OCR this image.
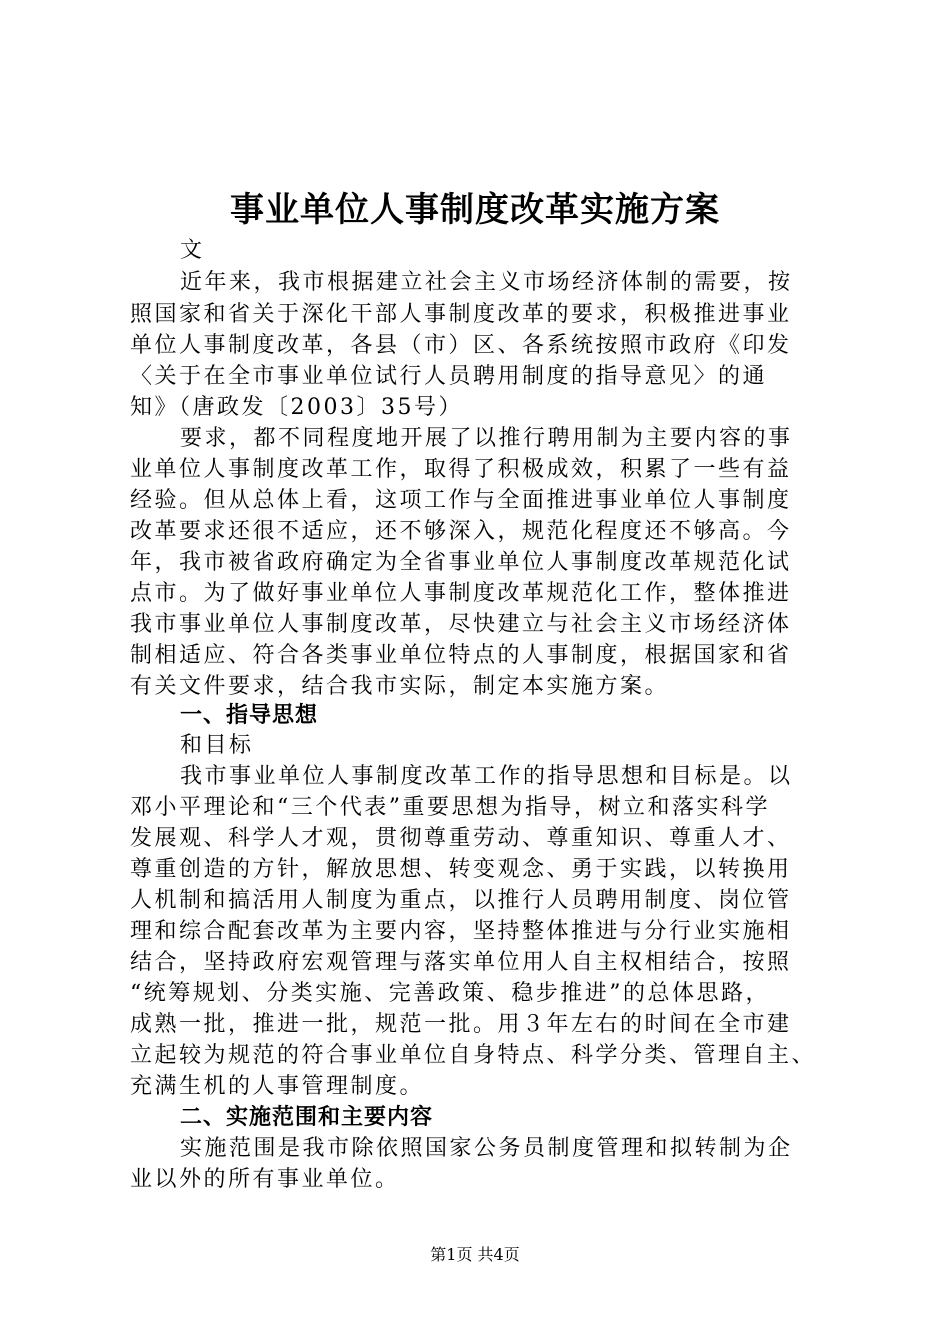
事业单位人事制度改革实施方案
文
近年来，我市根据建立社会主义市场经济体制的需要，按
照国家和省关于深化干部人事制度改革的要求，积极推进事业
单位人事制度改革，各县（市）区、各系统按照市政府《印发
〈关于在全市事业单位试行人员聘用制度的指导意见〉的通
知》（唐政发〔2003〕35号）
要求，都不同程度地开展了以推行聘用制为主要内容的事
业单位人事制度改革工作，取得了积极成效，积累了一些有益
经验。但从总体上看，这项工作与全面推进事业单位人事制度
改革要求还很不适应，还不够深入，规范化程度还不够高。今
年，我市被省政府确定为全省事业单位人事制度改革规范化试
点市。为了做好事业单位人事制度改革规范化工作，整体推进
我市事业单位人事制度改革，尽快建立与社会主义市场经济体
制相适应、符合各类事业单位特点的人事制度，根据国家和省
有关文件要求，结合我市实际，制定本实施方案。
一、指导思想
和目标
我市事业单位人事制度改革工作的指导思想和目标是。以
邓小平理论和“三个代表”重要思想为指导，树立和落实科学
发展观、科学人才观，贯彻尊重劳动、尊重知识、尊重人才、
尊重创造的方针，解放思想、转变观念、勇于实践，以转换用
人机制和搞活用人制度为重点，以推行人员聘用制度、岗位管
理和综合配套改革为主要内容，坚持整体推进与分行业实施相
结合，坚持政府宏观管理与落实单位用人自主权相结合，按照
“统筹规划、分类实施、完善政策、稳步推进”的总体思路，
成熟一批，推进一批，规范一批。用３年左右的时间在全市建
立起较为规范的符合事业单位自身特点、科学分类、管理自主、
充满生机的人事管理制度。
二、实施范围和主要内容
实施范围是我市除依照国家公务员制度管理和拟转制为企
业以外的所有事业单位。
第1页 共4页
